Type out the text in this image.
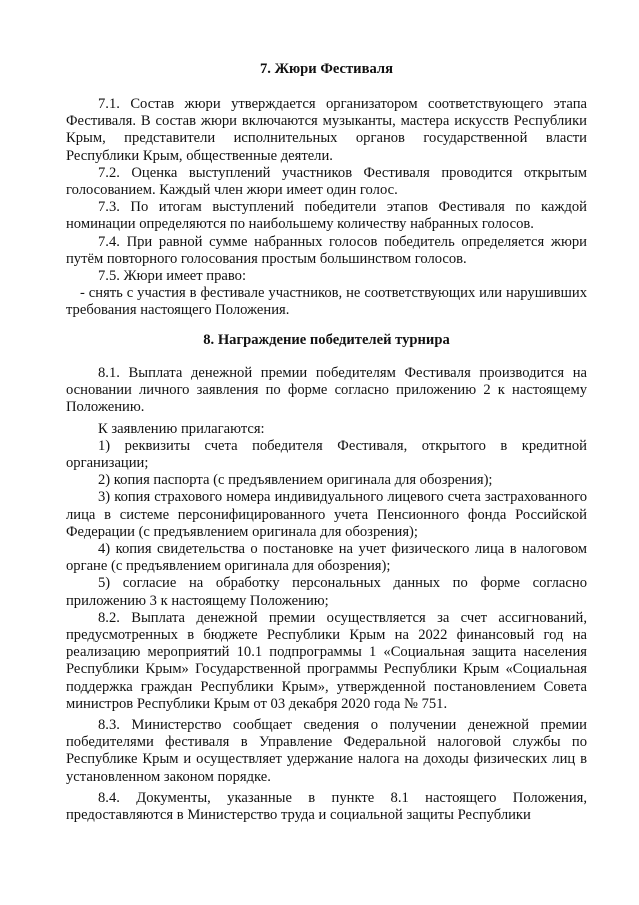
7. Жюри Фестиваля

7.1. Состав жюри утверждается организатором соответствующего этапа Фестиваля. В состав жюри включаются музыканты, мастера искусств Республики Крым, представители исполнительных органов государственной власти Республики Крым, общественные деятели.

7.2. Оценка выступлений участников Фестиваля проводится открытым голосованием. Каждый член жюри имеет один голос.

7.3. По итогам выступлений победители этапов Фестиваля по каждой номинации определяются по наибольшему количеству набранных голосов.

7.4. При равной сумме набранных голосов победитель определяется жюри путём повторного голосования простым большинством голосов.

7.5. Жюри имеет право:

- снять с участия в фестивале участников, не соответствующих или нарушивших требования настоящего Положения.

8. Награждение победителей турнира

8.1. Выплата денежной премии победителям Фестиваля производится на основании личного заявления по форме согласно приложению 2 к настоящему Положению.

К заявлению прилагаются:

1) реквизиты счета победителя Фестиваля, открытого в кредитной организации;

2) копия паспорта (с предъявлением оригинала для обозрения);

3) копия страхового номера индивидуального лицевого счета застрахованного лица в системе персонифицированного учета Пенсионного фонда Российской Федерации (с предъявлением оригинала для обозрения);

4) копия свидетельства о постановке на учет физического лица в налоговом органе (с предъявлением оригинала для обозрения);

5) согласие на обработку персональных данных по форме согласно приложению 3 к настоящему Положению;

8.2. Выплата денежной премии осуществляется за счет ассигнований, предусмотренных в бюджете Республики Крым на 2022 финансовый год на реализацию мероприятий 10.1 подпрограммы 1 «Социальная защита населения Республики Крым» Государственной программы Республики Крым «Социальная поддержка граждан Республики Крым», утвержденной постановлением Совета министров Республики Крым от 03 декабря 2020 года № 751.

8.3. Министерство сообщает сведения о получении денежной премии победителями фестиваля в Управление Федеральной налоговой службы по Республике Крым и осуществляет удержание налога на доходы физических лиц в установленном законом порядке.

8.4. Документы, указанные в пункте 8.1 настоящего Положения, предоставляются в Министерство труда и социальной защиты Республики
